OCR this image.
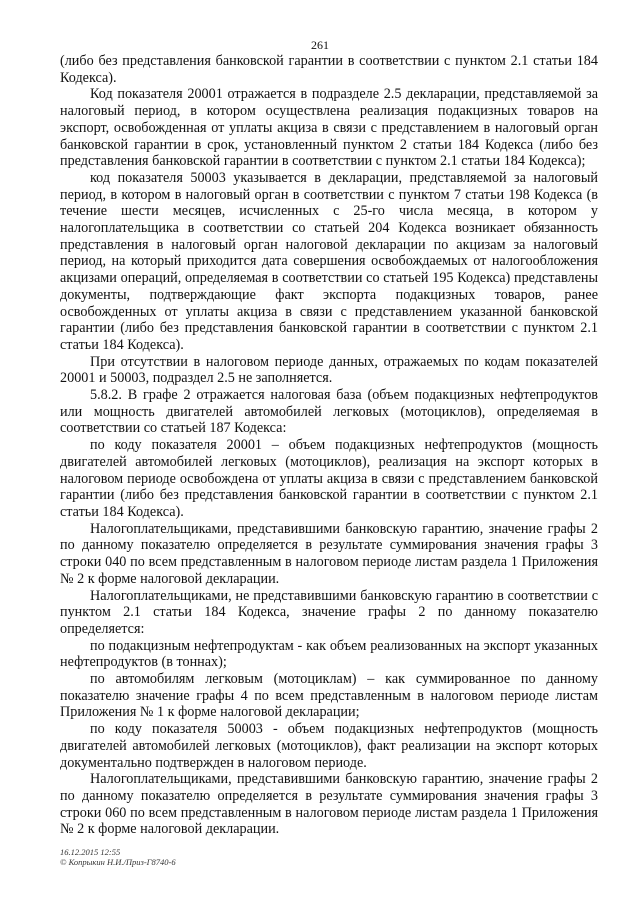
261

(либо без представления банковской гарантии в соответствии с пунктом 2.1 статьи 184 Кодекса).

Код показателя 20001 отражается в подразделе 2.5 декларации, представляемой за налоговый период, в котором осуществлена реализация подакцизных товаров на экспорт, освобожденная от уплаты акциза в связи с представлением в налоговый орган банковской гарантии в срок, установленный пунктом 2 статьи 184 Кодекса (либо без представления банковской гарантии в соответствии с пунктом 2.1 статьи 184 Кодекса);

код показателя 50003 указывается в декларации, представляемой за налоговый период, в котором в налоговый орган в соответствии с пунктом 7 статьи 198 Кодекса (в течение шести месяцев, исчисленных с 25-го числа месяца, в котором у налогоплательщика в соответствии со статьей 204 Кодекса возникает обязанность представления в налоговый орган налоговой декларации по акцизам за налоговый период, на который приходится дата совершения освобождаемых от налогообложения акцизами операций, определяемая в соответствии со статьей 195 Кодекса) представлены документы, подтверждающие факт экспорта подакцизных товаров, ранее освобожденных от уплаты акциза в связи с представлением указанной банковской гарантии (либо без представления банковской гарантии в соответствии с пунктом 2.1 статьи 184 Кодекса).

При отсутствии в налоговом периоде данных, отражаемых по кодам показателей 20001 и 50003, подраздел 2.5 не заполняется.

5.8.2. В графе 2 отражается налоговая база (объем подакцизных нефтепродуктов или мощность двигателей автомобилей легковых (мотоциклов), определяемая в соответствии со статьей 187 Кодекса:

по коду показателя 20001 – объем подакцизных нефтепродуктов (мощность двигателей автомобилей легковых (мотоциклов), реализация на экспорт которых в налоговом периоде освобождена от уплаты акциза в связи с представлением банковской гарантии (либо без представления банковской гарантии в соответствии с пунктом 2.1 статьи 184 Кодекса).

Налогоплательщиками, представившими банковскую гарантию, значение графы 2 по данному показателю определяется в результате суммирования значения графы 3 строки 040 по всем представленным в налоговом периоде листам раздела 1 Приложения № 2 к форме налоговой декларации.

Налогоплательщиками, не представившими банковскую гарантию в соответствии с пунктом 2.1 статьи 184 Кодекса, значение графы 2 по данному показателю определяется:

по подакцизным нефтепродуктам - как объем реализованных на экспорт указанных нефтепродуктов (в тоннах);

по автомобилям легковым (мотоциклам) – как суммированное по данному показателю значение графы 4 по всем представленным в налоговом периоде листам Приложения № 1 к форме налоговой декларации;

по коду показателя 50003 - объем подакцизных нефтепродуктов (мощность двигателей автомобилей легковых (мотоциклов), факт реализации на экспорт которых документально подтвержден в налоговом периоде.

Налогоплательщиками, представившими банковскую гарантию, значение графы 2 по данному показателю определяется в результате суммирования значения графы 3 строки 060 по всем представленным в налоговом периоде листам раздела 1 Приложения № 2 к форме налоговой декларации.

16.12.2015 12:55
© Копрыкин Н.И./Приз-Г8740-6
